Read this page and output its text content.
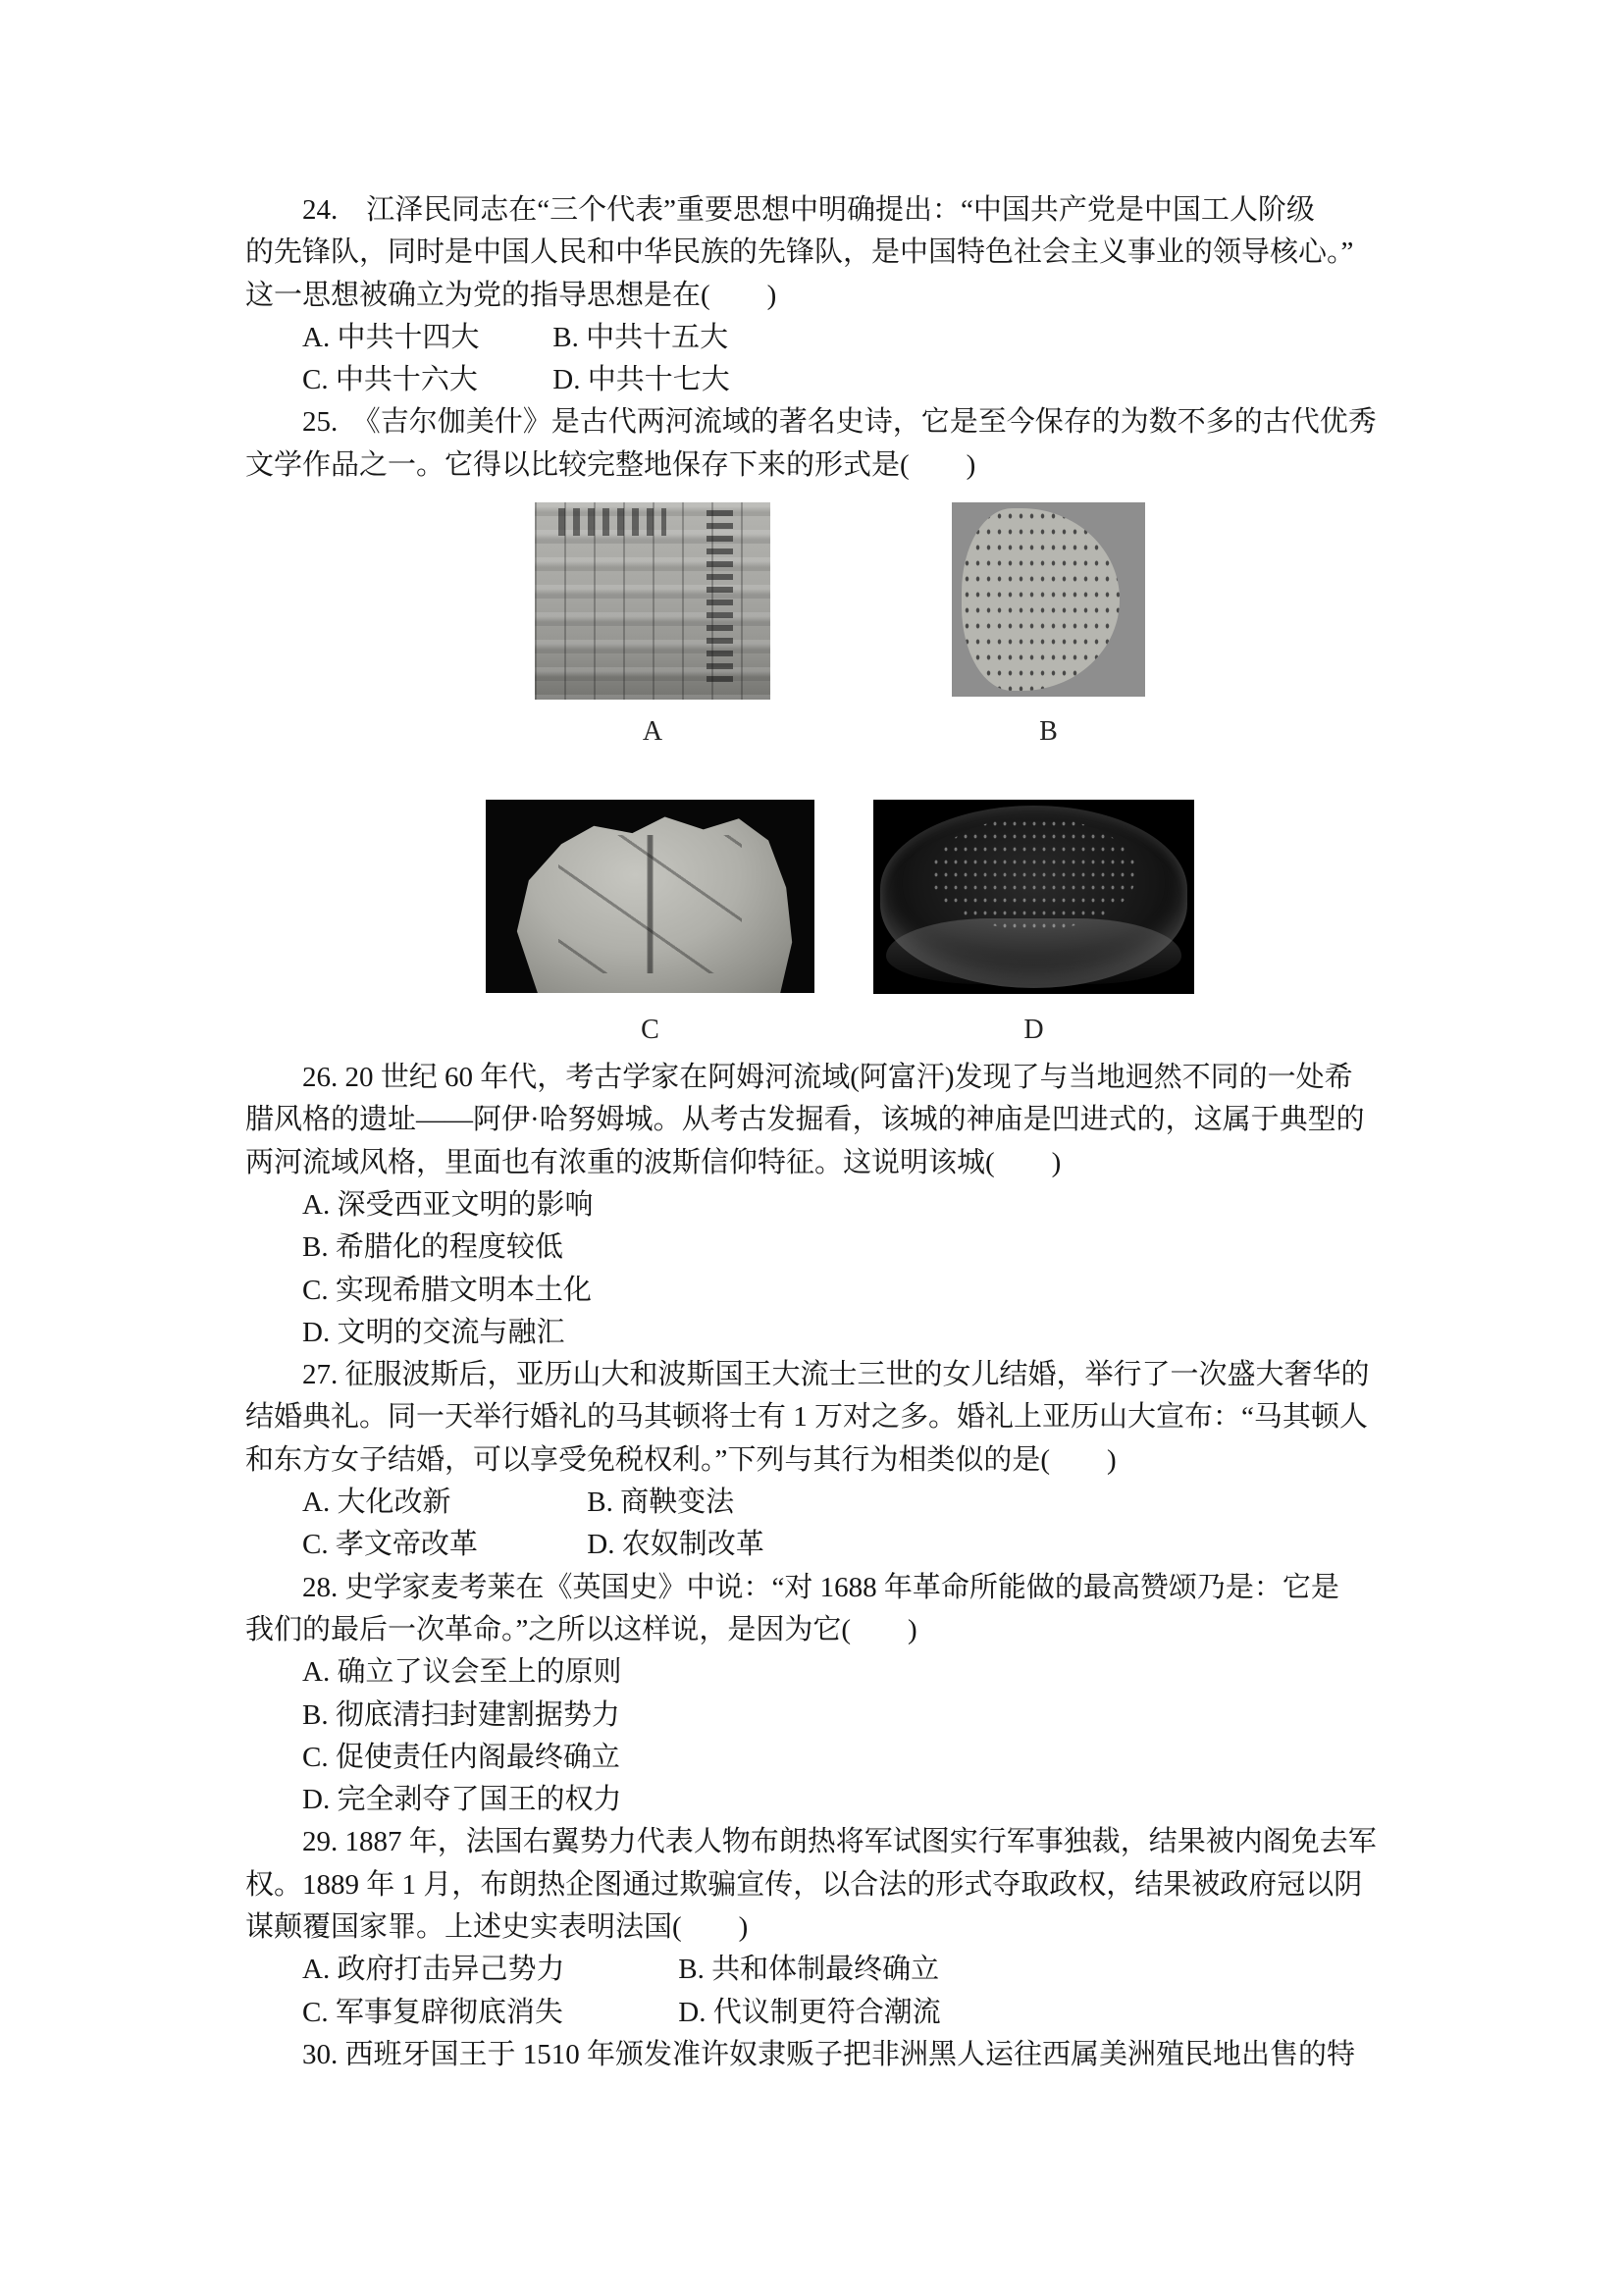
24.　江泽民同志在“三个代表”重要思想中明确提出：“中国共产党是中国工人阶级
的先锋队，同时是中国人民和中华民族的先锋队，是中国特色社会主义事业的领导核心。”
这一思想被确立为党的指导思想是在(　　)
A. 中共十四大	B. 中共十五大
C. 中共十六大	D. 中共十七大
25.　《吉尔伽美什》是古代两河流域的著名史诗，它是至今保存的为数不多的古代优秀
文学作品之一。它得以比较完整地保存下来的形式是(　　)
A	B
C	D
26. 20 世纪 60 年代，考古学家在阿姆河流域(阿富汗)发现了与当地迥然不同的一处希
腊风格的遗址——阿伊·哈努姆城。从考古发掘看，该城的神庙是凹进式的，这属于典型的
两河流域风格，里面也有浓重的波斯信仰特征。这说明该城(　　)
A. 深受西亚文明的影响
B. 希腊化的程度较低
C. 实现希腊文明本土化
D. 文明的交流与融汇
27. 征服波斯后，亚历山大和波斯国王大流士三世的女儿结婚，举行了一次盛大奢华的
结婚典礼。同一天举行婚礼的马其顿将士有 1 万对之多。婚礼上亚历山大宣布：“马其顿人
和东方女子结婚，可以享受免税权利。”下列与其行为相类似的是(　　)
A. 大化改新	B. 商鞅变法
C. 孝文帝改革	D. 农奴制改革
28. 史学家麦考莱在《英国史》中说：“对 1688 年革命所能做的最高赞颂乃是：它是
我们的最后一次革命。”之所以这样说，是因为它(　　)
A. 确立了议会至上的原则
B. 彻底清扫封建割据势力
C. 促使责任内阁最终确立
D. 完全剥夺了国王的权力
29. 1887 年，法国右翼势力代表人物布朗热将军试图实行军事独裁，结果被内阁免去军
权。1889 年 1 月，布朗热企图通过欺骗宣传，以合法的形式夺取政权，结果被政府冠以阴
谋颠覆国家罪。上述史实表明法国(　　)
A. 政府打击异己势力	B. 共和体制最终确立
C. 军事复辟彻底消失	D. 代议制更符合潮流
30. 西班牙国王于 1510 年颁发准许奴隶贩子把非洲黑人运往西属美洲殖民地出售的特
